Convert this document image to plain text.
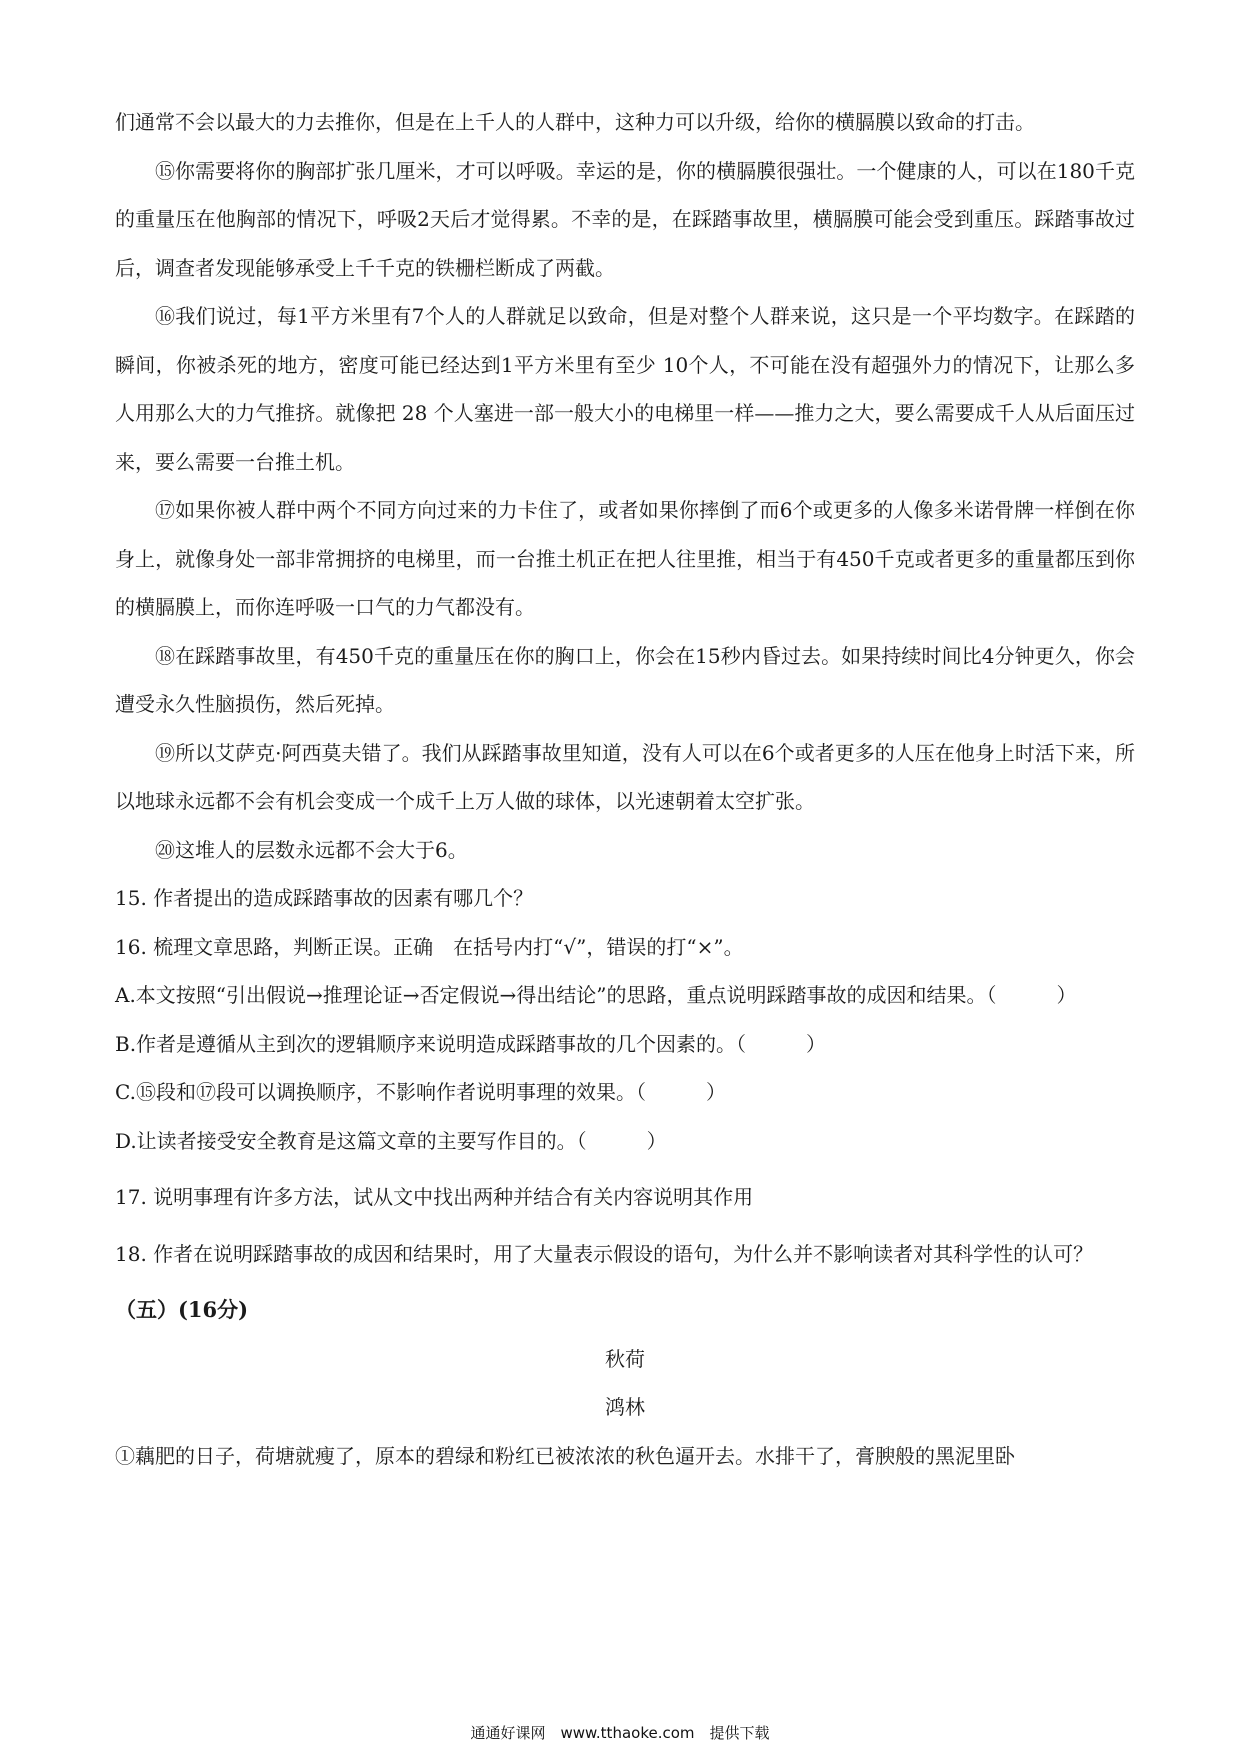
们通常不会以最大的力去推你，但是在上千人的人群中，这种力可以升级，给你的横膈膜以致命的打击。

⑮你需要将你的胸部扩张几厘米，才可以呼吸。幸运的是，你的横膈膜很强壮。一个健康的人，可以在180千克的重量压在他胸部的情况下，呼吸2天后才觉得累。不幸的是，在踩踏事故里，横膈膜可能会受到重压。踩踏事故过后，调查者发现能够承受上千千克的铁栅栏断成了两截。

⑯我们说过，每1平方米里有7个人的人群就足以致命，但是对整个人群来说，这只是一个平均数字。在踩踏的瞬间，你被杀死的地方，密度可能已经达到1平方米里有至少 10个人，不可能在没有超强外力的情况下，让那么多人用那么大的力气推挤。就像把 28 个人塞进一部一般大小的电梯里一样——推力之大，要么需要成千人从后面压过来，要么需要一台推土机。

⑰如果你被人群中两个不同方向过来的力卡住了，或者如果你摔倒了而6个或更多的人像多米诺骨牌一样倒在你身上，就像身处一部非常拥挤的电梯里，而一台推土机正在把人往里推，相当于有450千克或者更多的重量都压到你的横膈膜上，而你连呼吸一口气的力气都没有。

⑱在踩踏事故里，有450千克的重量压在你的胸口上，你会在15秒内昏过去。如果持续时间比4分钟更久，你会遭受永久性脑损伤，然后死掉。

⑲所以艾萨克·阿西莫夫错了。我们从踩踏事故里知道，没有人可以在6个或者更多的人压在他身上时活下来，所以地球永远都不会有机会变成一个成千上万人做的球体，以光速朝着太空扩张。

⑳这堆人的层数永远都不会大于6。

15. 作者提出的造成踩踏事故的因素有哪几个？

16. 梳理文章思路，判断正误。正确　在括号内打“√”，错误的打“×”。

A.本文按照“引出假说→推理论证→否定假说→得出结论”的思路，重点说明踩踏事故的成因和结果。（　　　）

B.作者是遵循从主到次的逻辑顺序来说明造成踩踏事故的几个因素的。（　　　）

C.⑮段和⑰段可以调换顺序，不影响作者说明事理的效果。（　　　）

D.让读者接受安全教育是这篇文章的主要写作目的。（　　　）

17. 说明事理有许多方法，试从文中找出两种并结合有关内容说明其作用

18. 作者在说明踩踏事故的成因和结果时，用了大量表示假设的语句，为什么并不影响读者对其科学性的认可？

（五）(16分)

秋荷

鸿林

①藕肥的日子，荷塘就瘦了，原本的碧绿和粉红已被浓浓的秋色逼开去。水排干了，膏腴般的黑泥里卧

通通好课网　www.tthaoke.com　提供下载
